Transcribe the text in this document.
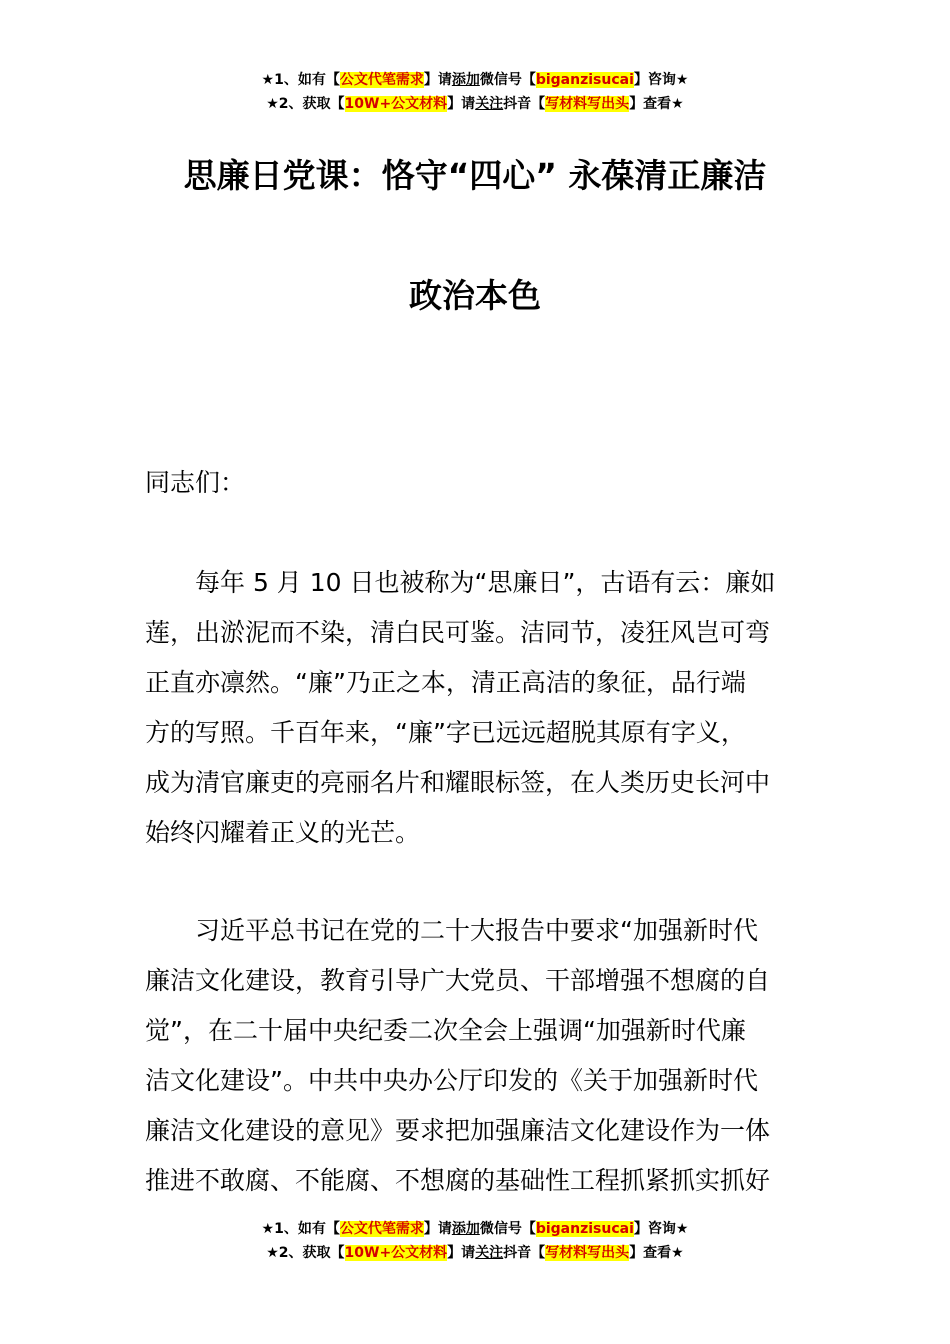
★1、如有【公文代笔需求】请添加微信号【biganzisucai】咨询★
★2、获取【10W+公文材料】请关注抖音【写材料写出头】查看★
思廉日党课：恪守“四心” 永葆清正廉洁
政治本色
同志们：
每年 5 月 10 日也被称为“思廉日”，古语有云：廉如
莲，出淤泥而不染，清白民可鉴。洁同节，凌狂风岂可弯
正直亦凛然。“廉”乃正之本，清正高洁的象征，品行端
方的写照。千百年来，“廉”字已远远超脱其原有字义，
成为清官廉吏的亮丽名片和耀眼标签，在人类历史长河中
始终闪耀着正义的光芒。
习近平总书记在党的二十大报告中要求“加强新时代
廉洁文化建设，教育引导广大党员、干部增强不想腐的自
觉”，在二十届中央纪委二次全会上强调“加强新时代廉
洁文化建设”。中共中央办公厅印发的《关于加强新时代
廉洁文化建设的意见》要求把加强廉洁文化建设作为一体
推进不敢腐、不能腐、不想腐的基础性工程抓紧抓实抓好
★1、如有【公文代笔需求】请添加微信号【biganzisucai】咨询★
★2、获取【10W+公文材料】请关注抖音【写材料写出头】查看★
